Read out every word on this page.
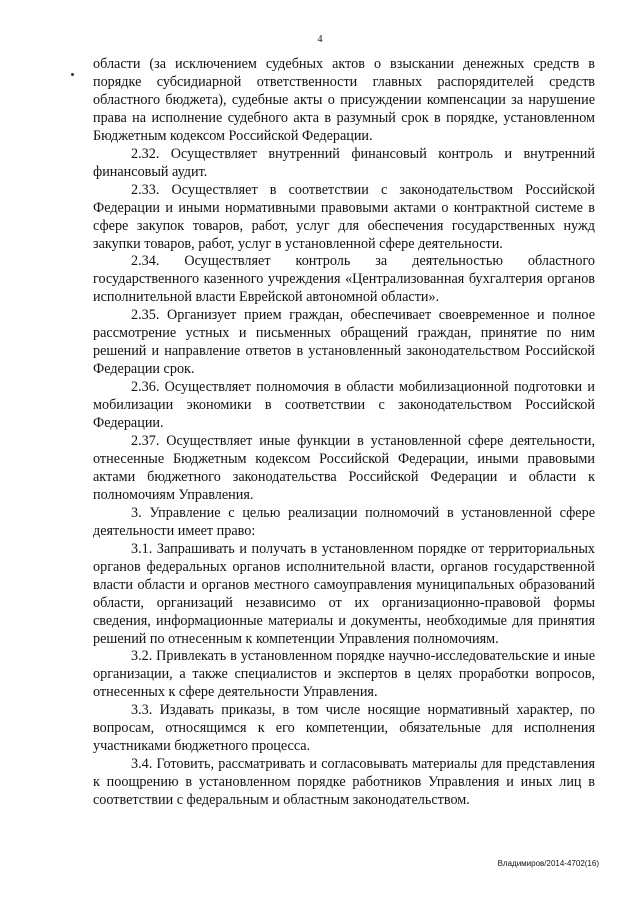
4

области (за исключением судебных актов о взыскании денежных средств в порядке субсидиарной ответственности главных распорядителей средств областного бюджета), судебные акты о присуждении компенсации за нарушение права на исполнение судебного акта в разумный срок в порядке, установленном Бюджетным кодексом Российской Федерации.

2.32. Осуществляет внутренний финансовый контроль и внутренний финансовый аудит.

2.33. Осуществляет в соответствии с законодательством Российской Федерации и иными нормативными правовыми актами о контрактной системе в сфере закупок товаров, работ, услуг для обеспечения государственных нужд закупки товаров, работ, услуг в установленной сфере деятельности.

2.34. Осуществляет контроль за деятельностью областного государственного казенного учреждения «Централизованная бухгалтерия органов исполнительной власти Еврейской автономной области».

2.35. Организует прием граждан, обеспечивает своевременное и полное рассмотрение устных и письменных обращений граждан, принятие по ним решений и направление ответов в установленный законодательством Российской Федерации срок.

2.36. Осуществляет полномочия в области мобилизационной подготовки и мобилизации экономики в соответствии с законодательством Российской Федерации.

2.37. Осуществляет иные функции в установленной сфере деятельности, отнесенные Бюджетным кодексом Российской Федерации, иными правовыми актами бюджетного законодательства Российской Федерации и области к полномочиям Управления.

3. Управление с целью реализации полномочий в установленной сфере деятельности имеет право:

3.1. Запрашивать и получать в установленном порядке от территориальных органов федеральных органов исполнительной власти, органов государственной власти области и органов местного самоуправления муниципальных образований области, организаций независимо от их организационно-правовой формы сведения, информационные материалы и документы, необходимые для принятия решений по отнесенным к компетенции Управления полномочиям.

3.2. Привлекать в установленном порядке научно-исследовательские и иные организации, а также специалистов и экспертов в целях проработки вопросов, отнесенных к сфере деятельности Управления.

3.3. Издавать приказы, в том числе носящие нормативный характер, по вопросам, относящимся к его компетенции, обязательные для исполнения участниками бюджетного процесса.

3.4. Готовить, рассматривать и согласовывать материалы для представления к поощрению в установленном порядке работников Управления и иных лиц в соответствии с федеральным и областным законодательством.

Владимиров/2014-4702(16)
